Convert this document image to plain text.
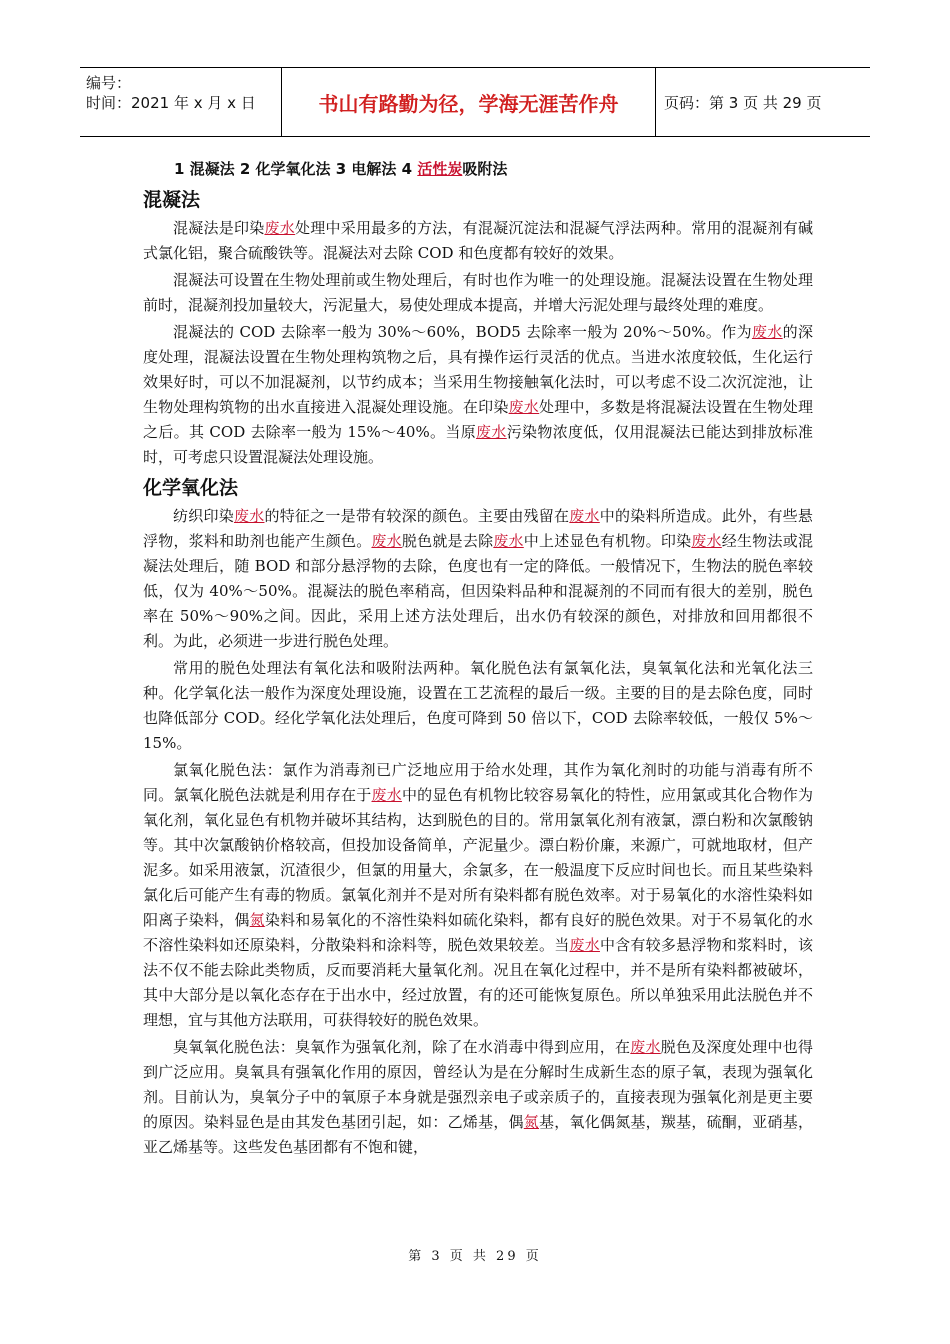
编号：
时间：2021 年 x 月 x 日	书山有路勤为径，学海无涯苦作舟	页码：第 3 页 共 29 页
1 混凝法 2 化学氧化法 3 电解法 4 活性炭吸附法
混凝法

混凝法是印染废水处理中采用最多的方法，有混凝沉淀法和混凝气浮法两种。常用的混凝剂有碱式氯化铝，聚合硫酸铁等。混凝法对去除 COD 和色度都有较好的效果。

混凝法可设置在生物处理前或生物处理后，有时也作为唯一的处理设施。混凝法设置在生物处理前时，混凝剂投加量较大，污泥量大，易使处理成本提高，并增大污泥处理与最终处理的难度。

混凝法的 COD 去除率一般为 30%～60%，BOD5 去除率一般为 20%～50%。作为废水的深度处理，混凝法设置在生物处理构筑物之后，具有操作运行灵活的优点。当进水浓度较低，生化运行效果好时，可以不加混凝剂，以节约成本；当采用生物接触氧化法时，可以考虑不设二次沉淀池，让生物处理构筑物的出水直接进入混凝处理设施。在印染废水处理中，多数是将混凝法设置在生物处理之后。其 COD 去除率一般为 15%～40%。当原废水污染物浓度低，仅用混凝法已能达到排放标准时，可考虑只设置混凝法处理设施。

化学氧化法

纺织印染废水的特征之一是带有较深的颜色。主要由残留在废水中的染料所造成。此外，有些悬浮物，浆料和助剂也能产生颜色。废水脱色就是去除废水中上述显色有机物。印染废水经生物法或混凝法处理后，随 BOD 和部分悬浮物的去除，色度也有一定的降低。一般情况下，生物法的脱色率较低，仅为 40%～50%。混凝法的脱色率稍高，但因染料品种和混凝剂的不同而有很大的差别，脱色率在 50%～90%之间。因此，采用上述方法处理后，出水仍有较深的颜色，对排放和回用都很不利。为此，必须进一步进行脱色处理。

常用的脱色处理法有氧化法和吸附法两种。氧化脱色法有氯氧化法，臭氧氧化法和光氧化法三种。化学氧化法一般作为深度处理设施，设置在工艺流程的最后一级。主要的目的是去除色度，同时也降低部分 COD。经化学氧化法处理后，色度可降到 50 倍以下，COD 去除率较低，一般仅 5%～15%。

氯氧化脱色法：氯作为消毒剂已广泛地应用于给水处理，其作为氧化剂时的功能与消毒有所不同。氯氧化脱色法就是利用存在于废水中的显色有机物比较容易氧化的特性，应用氯或其化合物作为氧化剂，氧化显色有机物并破坏其结构，达到脱色的目的。常用氯氧化剂有液氯，漂白粉和次氯酸钠等。其中次氯酸钠价格较高，但投加设备简单，产泥量少。漂白粉价廉，来源广，可就地取材，但产泥多。如采用液氯，沉渣很少，但氯的用量大，余氯多，在一般温度下反应时间也长。而且某些染料氯化后可能产生有毒的物质。氯氧化剂并不是对所有染料都有脱色效率。对于易氧化的水溶性染料如阳离子染料，偶氮染料和易氧化的不溶性染料如硫化染料，都有良好的脱色效果。对于不易氧化的水不溶性染料如还原染料，分散染料和涂料等，脱色效果较差。当废水中含有较多悬浮物和浆料时，该法不仅不能去除此类物质，反而要消耗大量氧化剂。况且在氧化过程中，并不是所有染料都被破坏，其中大部分是以氧化态存在于出水中，经过放置，有的还可能恢复原色。所以单独采用此法脱色并不理想，宜与其他方法联用，可获得较好的脱色效果。

臭氧氧化脱色法：臭氧作为强氧化剂，除了在水消毒中得到应用，在废水脱色及深度处理中也得到广泛应用。臭氧具有强氧化作用的原因，曾经认为是在分解时生成新生态的原子氧，表现为强氧化剂。目前认为，臭氧分子中的氧原子本身就是强烈亲电子或亲质子的，直接表现为强氧化剂是更主要的原因。染料显色是由其发色基团引起，如：乙烯基，偶氮基，氧化偶氮基，羰基，硫酮，亚硝基，亚乙烯基等。这些发色基团都有不饱和键，

第 3 页 共 29 页
